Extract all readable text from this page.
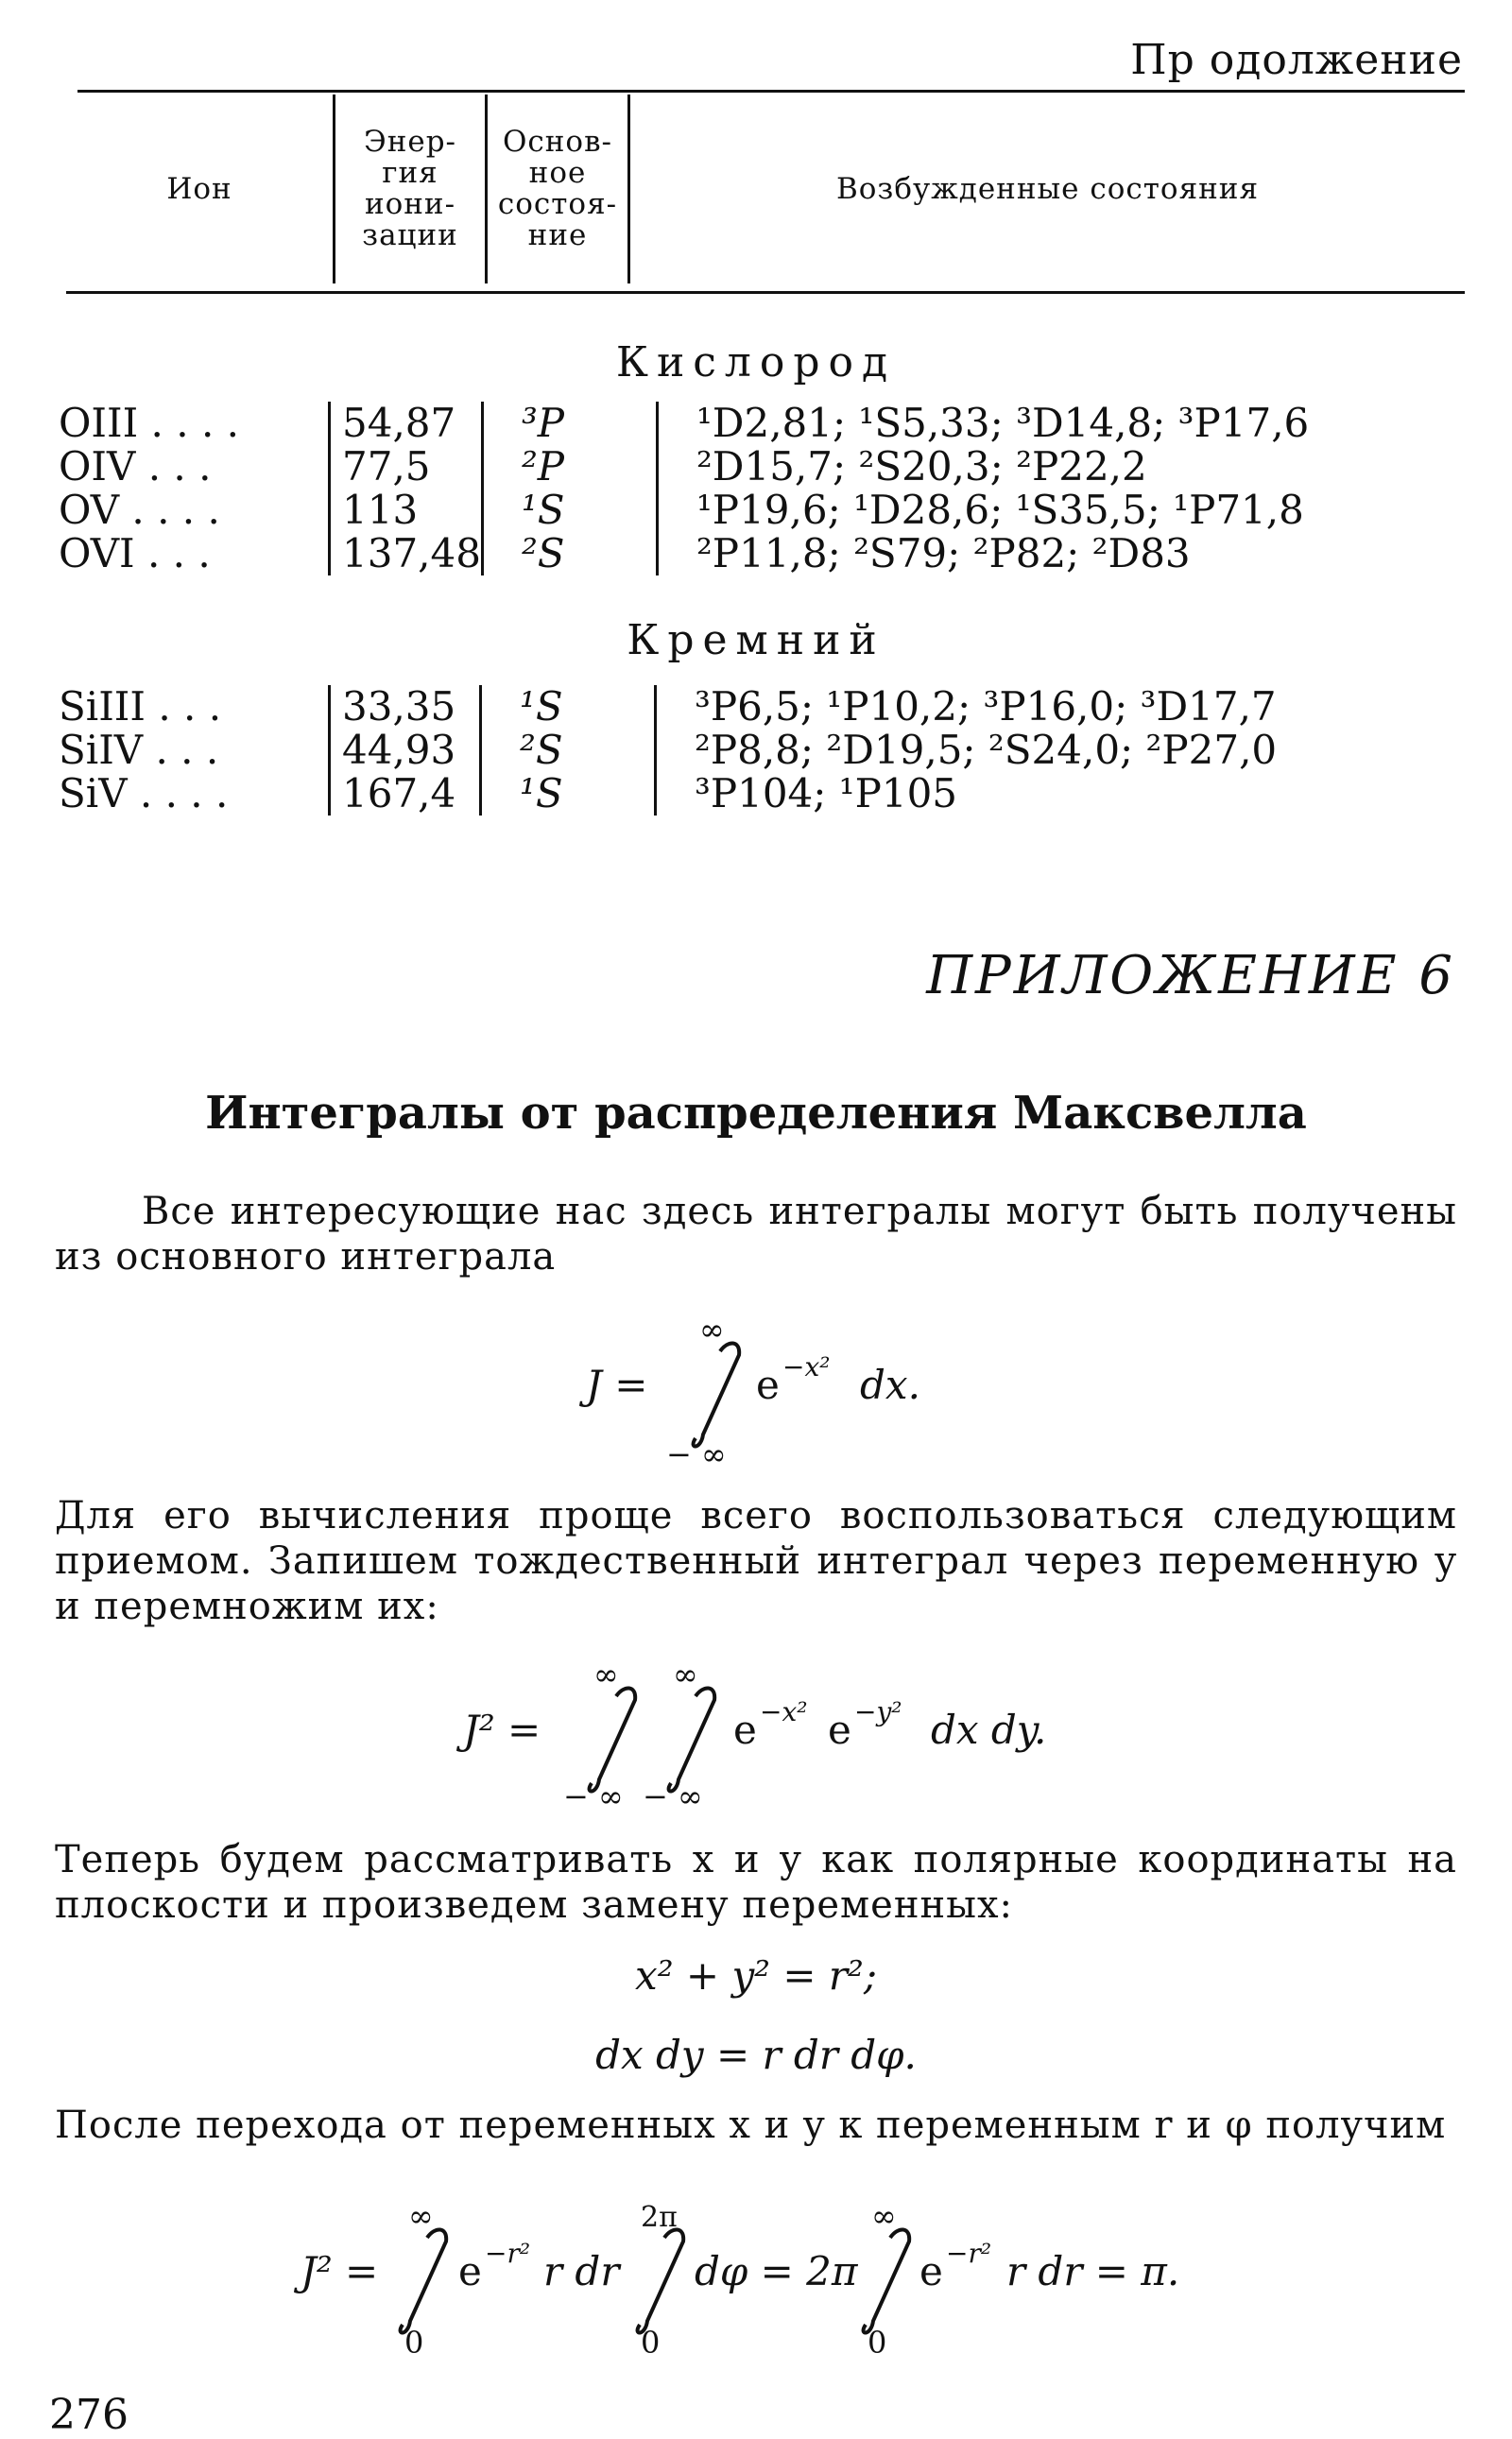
Пр одолжение
Ион

Энер-
гия
иони-
зации

Основ-
ное
состоя-
ние

Возбужденные состояния
Кислород
OIII . . . .	54,87	³P	¹D2,81; ¹S5,33; ³D14,8; ³P17,6
OIV . . .	77,5	²P	²D15,7; ²S20,3; ²P22,2
OV . . . .	113	¹S	¹P19,6; ¹D28,6; ¹S35,5; ¹P71,8
OVI . . .	137,48	²S	²P11,8; ²S79; ²P82; ²D83
Кремний
SiIII . . .	33,35	¹S	³P6,5; ¹P10,2; ³P16,0; ³D17,7
SiIV . . .	44,93	²S	²P8,8; ²D19,5; ²S24,0; ²P27,0
SiV . . . .	167,4	¹S	³P104; ¹P105
ПРИЛОЖЕНИЕ 6
Интегралы от распределения Максвелла

Все интересующие нас здесь интегралы могут быть получены из основного интеграла

Для его вычисления проще всего воспользоваться следующим приемом. Запишем тождественный интеграл через переменную y и перемножим их:

Теперь будем рассматривать x и y как полярные координаты на плоскости и произведем замену переменных:

x² + y² = r²;
dx dy = r dr dφ.

После перехода от переменных x и y к переменным r и φ получим

J =
∞
− ∞
e −x² dx.
J² =
∞ ∞
− ∞ − ∞
e −x² e −y² dx dy.
J² =
∞
0
e −r² r dr
2π
0
dφ = 2π
∞
0
e −r² r dr = π.
276
